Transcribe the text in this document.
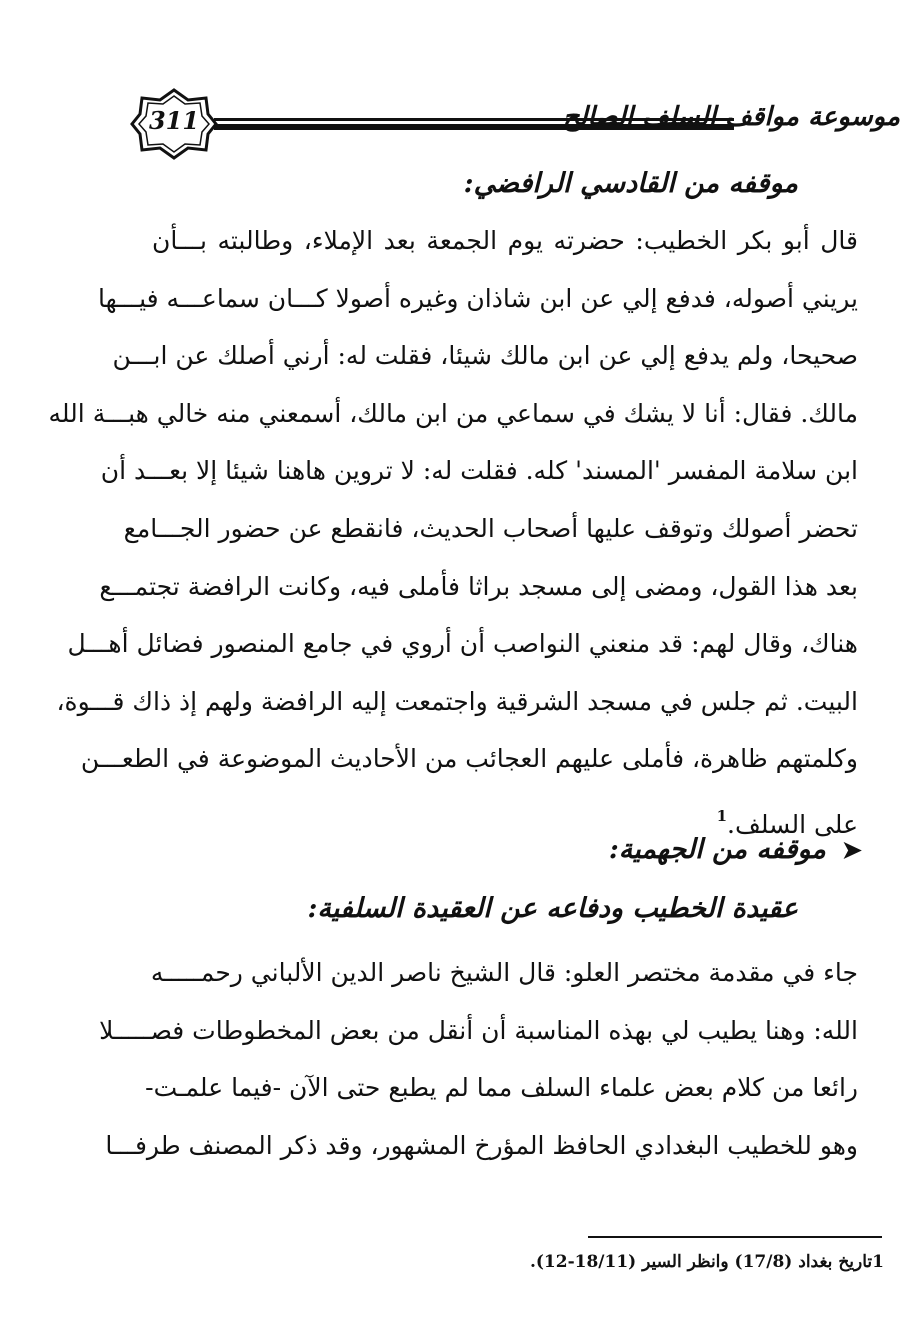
311	موسوعة مواقف السلف الصالح
موقفه من القادسي الرافضي:
قال أبو بكر الخطيب: حضرته يوم الجمعة بعد الإملاء، وطالبته بـــأن
يريني أصوله، فدفع إلي عن ابن شاذان وغيره أصولا كـــان سماعـــه فيـــها
صحيحا، ولم يدفع إلي عن ابن مالك شيئا، فقلت له: أرني أصلك عن ابـــن
مالك. فقال: أنا لا يشك في سماعي من ابن مالك، أسمعني منه خالي هبـــة الله
ابن سلامة المفسر 'المسند' كله. فقلت له: لا تروين هاهنا شيئا إلا بعـــد أن
تحضر أصولك وتوقف عليها أصحاب الحديث، فانقطع عن حضور الجـــامع
بعد هذا القول، ومضى إلى مسجد براثا فأملى فيه، وكانت الرافضة تجتمـــع
هناك، وقال لهم: قد منعني النواصب أن أروي في جامع المنصور فضائل أهـــل
البيت. ثم جلس في مسجد الشرقية واجتمعت إليه الرافضة ولهم إذ ذاك قـــوة،
وكلمتهم ظاهرة، فأملى عليهم العجائب من الأحاديث الموضوعة في الطعـــن
على السلف.$^1$
➤موقفه من الجهمية:
عقيدة الخطيب ودفاعه عن العقيدة السلفية:
جاء في مقدمة مختصر العلو: قال الشيخ ناصر الدين الألباني رحمـــــه
الله: وهنا يطيب لي بهذه المناسبة أن أنقل من بعض المخطوطات فصـــــلا
رائعا من كلام بعض علماء السلف مما لم يطبع حتى الآن -فيما علمـت-
وهو للخطيب البغدادي الحافظ المؤرخ المشهور، وقد ذكر المصنف طرفـــا
1تاريخ بغداد (17/8) وانظر السير (18/11-12).
